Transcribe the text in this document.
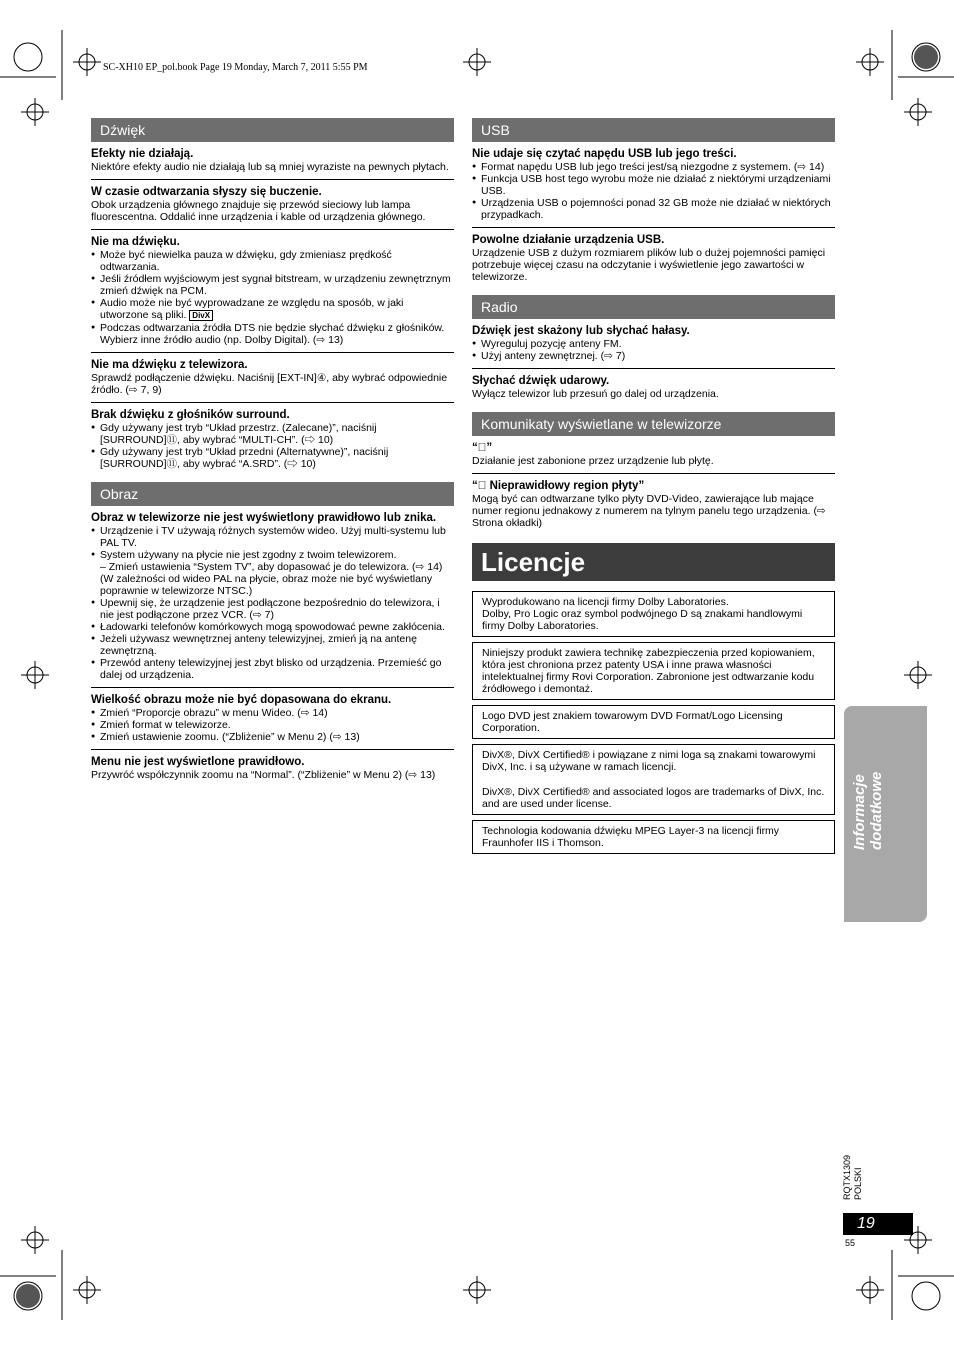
SC-XH10 EP_pol.book Page 19 Monday, March 7, 2011 5:55 PM
Dźwięk

Efekty nie działają.

Niektóre efekty audio nie działają lub są mniej wyraziste na pewnych płytach.

W czasie odtwarzania słyszy się buczenie.

Obok urządzenia głównego znajduje się przewód sieciowy lub lampa fluorescentna. Oddalić inne urządzenia i kable od urządzenia głównego.

Nie ma dźwięku.

● Może być niewielka pauza w dźwięku, gdy zmieniasz prędkość odtwarzania.

● Jeśli źródłem wyjściowym jest sygnał bitstream, w urządzeniu zewnętrznym zmień dźwięk na PCM.

● Audio może nie być wyprowadzane ze względu na sposób, w jaki utworzone są pliki. DivX

● Podczas odtwarzania źródła DTS nie będzie słychać dźwięku z głośników. Wybierz inne źródło audio (np. Dolby Digital). (⇨ 13)

Nie ma dźwięku z telewizora.

Sprawdź podłączenie dźwięku. Naciśnij [EXT-IN]④, aby wybrać odpowiednie źródło. (⇨ 7, 9)

Brak dźwięku z głośników surround.

● Gdy używany jest tryb “Układ przestrz. (Zalecane)”, naciśnij [SURROUND]⑪, aby wybrać “MULTI-CH”. (⇨ 10)

● Gdy używany jest tryb “Układ przedni (Alternatywne)”, naciśnij [SURROUND]⑪, aby wybrać “A.SRD”. (⇨ 10)

Obraz

Obraz w telewizorze nie jest wyświetlony prawidłowo lub znika.

● Urządzenie i TV używają różnych systemów wideo. Użyj multi-systemu lub PAL TV.

● System używany na płycie nie jest zgodny z twoim telewizorem.

– Zmień ustawienia “System TV”, aby dopasować je do telewizora. (⇨ 14)

(W zależności od wideo PAL na płycie, obraz może nie być wyświetlany poprawnie w telewizorze NTSC.)

● Upewnij się, że urządzenie jest podłączone bezpośrednio do telewizora, i nie jest podłączone przez VCR. (⇨ 7)

● Ładowarki telefonów komórkowych mogą spowodować pewne zakłócenia.

● Jeżeli używasz wewnętrznej anteny telewizyjnej, zmień ją na antenę zewnętrzną.

● Przewód anteny telewizyjnej jest zbyt blisko od urządzenia. Przemieść go dalej od urządzenia.

Wielkość obrazu może nie być dopasowana do ekranu.

● Zmień “Proporcje obrazu” w menu Wideo. (⇨ 14)

● Zmień format w telewizorze.

● Zmień ustawienie zoomu. (“Zbliżenie” w Menu 2) (⇨ 13)

Menu nie jest wyświetlone prawidłowo.

Przywróć współczynnik zoomu na “Normal”. (“Zbliżenie” w Menu 2) (⇨ 13)

USB

Nie udaje się czytać napędu USB lub jego treści.

● Format napędu USB lub jego treści jest/są niezgodne z systemem. (⇨ 14)

● Funkcja USB host tego wyrobu może nie działać z niektórymi urządzeniami USB.

● Urządzenia USB o pojemności ponad 32 GB może nie działać w niektórych przypadkach.

Powolne działanie urządzenia USB.

Urządzenie USB z dużym rozmiarem plików lub o dużej pojemności pamięci potrzebuje więcej czasu na odczytanie i wyświetlenie jego zawartości w telewizorze.

Radio

Dźwięk jest skażony lub słychać hałasy.

● Wyreguluj pozycję anteny FM.

● Użyj anteny zewnętrznej. (⇨ 7)

Słychać dźwięk udarowy.

Wyłącz telewizor lub przesuń go dalej od urządzenia.

Komunikaty wyświetlane w telewizorze

“⃠”

Działanie jest zabonione przez urządzenie lub płytę.

“⃠ Nieprawidłowy region płyty”

Mogą być can odtwarzane tylko płyty DVD-Video, zawierające lub mające numer regionu jednakowy z numerem na tylnym panelu tego urządzenia. (⇨ Strona okładki)

Licencje

Wyprodukowano na licencji firmy Dolby Laboratories.
Dolby, Pro Logic oraz symbol podwójnego D są znakami handlowymi firmy Dolby Laboratories.

Niniejszy produkt zawiera technikę zabezpieczenia przed kopiowaniem, która jest chroniona przez patenty USA i inne prawa własności intelektualnej firmy Rovi Corporation. Zabronione jest odtwarzanie kodu źródłowego i demontaż.

Logo DVD jest znakiem towarowym DVD Format/Logo Licensing Corporation.

DivX®, DivX Certified® i powiązane z nimi loga są znakami towarowymi DivX, Inc. i są używane w ramach licencji.

DivX®, DivX Certified® and associated logos are trademarks of DivX, Inc. and are used under license.

Technologia kodowania dźwięku MPEG Layer-3 na licencji firmy Fraunhofer IIS i Thomson.	Informacje dodatkowe
RQTX1309 POLSKI
19
55
